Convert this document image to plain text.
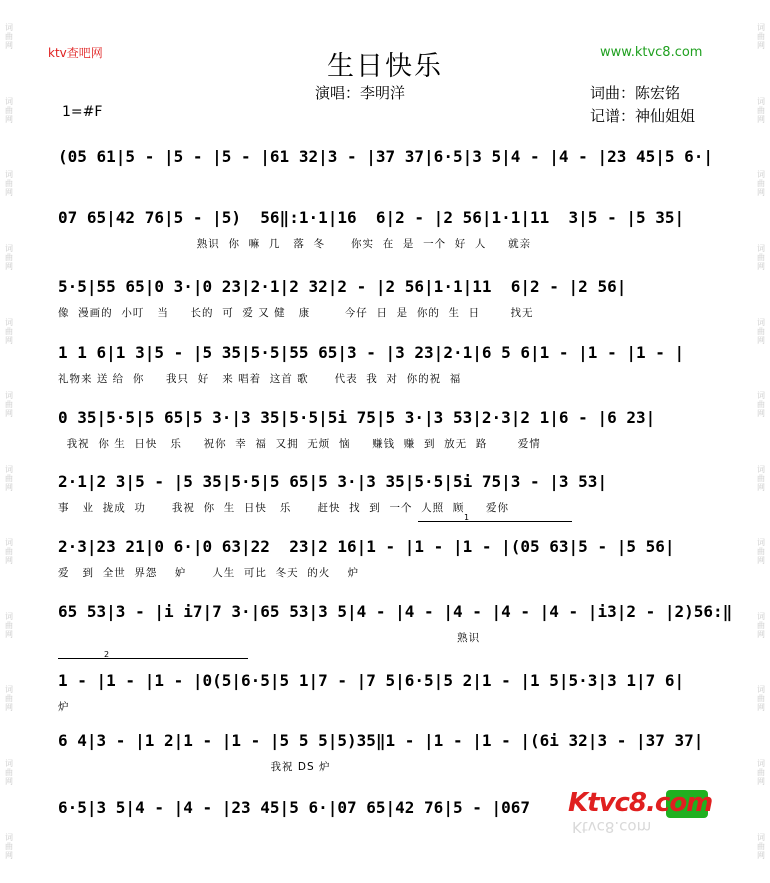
词曲网
词曲网
词曲网
词曲网
词曲网
词曲网
词曲网
词曲网
词曲网
词曲网
词曲网
词曲网
词曲网
词曲网
词曲网
词曲网
词曲网
词曲网
词曲网
词曲网
词曲网
词曲网
词曲网
词曲网
ktv查吧网	www.ktvc8.com
生日快乐
演唱：李明洋	词曲：陈宏铭
记谱：神仙姐姐
1=#F
(05 61|5 - |5 - |5 - |61 32|3 - |37 37|6·5|3 5|4 - |4 - |23 45|5 6·|
07 65|42 76|5 - |5)  56‖:1·1|16  6|2 - |2 56|1·1|11  3|5 - |5 35|
熟识  你  嘛  几   落  冬      你实  在  是  一个  好  人     就亲
5·5|55 65|0 3·|0 23|2·1|2 32|2 - |2 56|1·1|11  6|2 - |2 56|
像  漫画的  小叮   当     长的  可  爱 又 健   康        今仔  日  是  你的  生  日       找无
1 1 6|1 3|5 - |5 35|5·5|55 65|3 - |3 23|2·1|6 5 6|1 - |1 - |1 - |
礼物来 送 给  你     我只  好   来 唱着  这首 歌      代表  我  对  你的祝  福
0 35|5·5|5 65|5 3·|3 35|5·5|5i 75|5 3·|3 53|2·3|2 1|6 - |6 23|
我祝  你 生  日快   乐     祝你  幸  福  又拥  无烦  恼     赚钱  赚  到  放无  路       爱情
2·1|2 3|5 - |5 35|5·5|5 65|5 3·|3 35|5·5|5i 75|3 - |3 53|
事   业  拢成  功      我祝  你  生  日快   乐      赶快  找  到  一个  人照  顾     爱你
1
2·3|23 21|0 6·|0 63|22  23|2 16|1 - |1 - |1 - |(05 63|5 - |5 56|
爱   到  全世  界怨    妒      人生  可比  冬天  的火    炉
65 53|3 - |i i7|7 3·|65 53|3 5|4 - |4 - |4 - |4 - |4 - |i3|2 - |2)56:‖
熟识
2
1 - |1 - |1 - |0(5|6·5|5 1|7 - |7 5|6·5|5 2|1 - |1 5|5·3|3 1|7 6|
炉
6 4|3 - |1 2|1 - |1 - |5 5 5|5)35‖1 - |1 - |1 - |(6i 32|3 - |37 37|
我祝 DS 炉
6·5|3 5|4 - |4 - |23 45|5 6·|07 65|42 76|5 - |067	Ktvc8.com
Ktvc8.com
